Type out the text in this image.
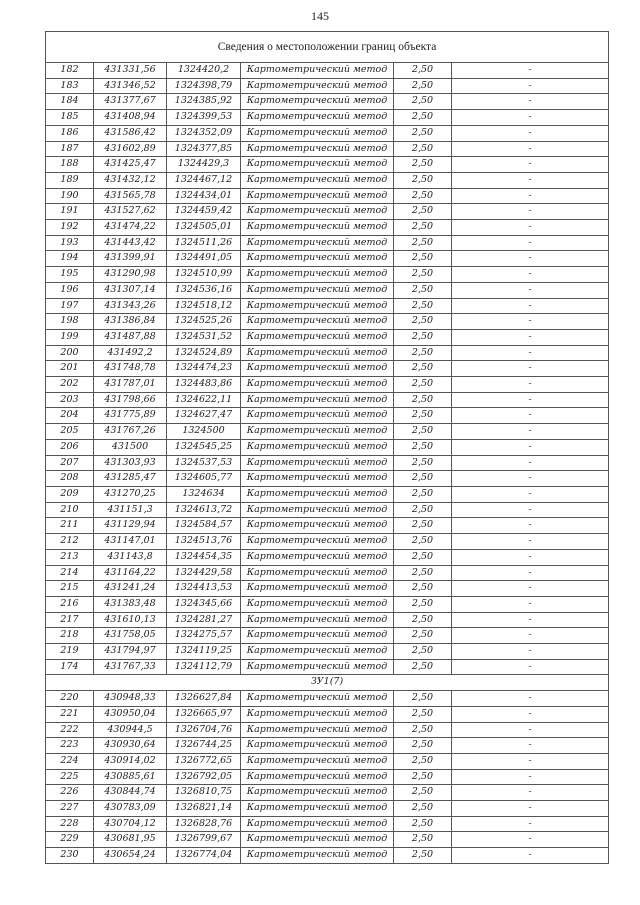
145
Сведения о местоположении границ объекта					
182	431331,56	1324420,2	Картометрический метод	2,50	-
183	431346,52	1324398,79	Картометрический метод	2,50	-
184	431377,67	1324385,92	Картометрический метод	2,50	-
185	431408,94	1324399,53	Картометрический метод	2,50	-
186	431586,42	1324352,09	Картометрический метод	2,50	-
187	431602,89	1324377,85	Картометрический метод	2,50	-
188	431425,47	1324429,3	Картометрический метод	2,50	-
189	431432,12	1324467,12	Картометрический метод	2,50	-
190	431565,78	1324434,01	Картометрический метод	2,50	-
191	431527,62	1324459,42	Картометрический метод	2,50	-
192	431474,22	1324505,01	Картометрический метод	2,50	-
193	431443,42	1324511,26	Картометрический метод	2,50	-
194	431399,91	1324491,05	Картометрический метод	2,50	-
195	431290,98	1324510,99	Картометрический метод	2,50	-
196	431307,14	1324536,16	Картометрический метод	2,50	-
197	431343,26	1324518,12	Картометрический метод	2,50	-
198	431386,84	1324525,26	Картометрический метод	2,50	-
199	431487,88	1324531,52	Картометрический метод	2,50	-
200	431492,2	1324524,89	Картометрический метод	2,50	-
201	431748,78	1324474,23	Картометрический метод	2,50	-
202	431787,01	1324483,86	Картометрический метод	2,50	-
203	431798,66	1324622,11	Картометрический метод	2,50	-
204	431775,89	1324627,47	Картометрический метод	2,50	-
205	431767,26	1324500	Картометрический метод	2,50	-
206	431500	1324545,25	Картометрический метод	2,50	-
207	431303,93	1324537,53	Картометрический метод	2,50	-
208	431285,47	1324605,77	Картометрический метод	2,50	-
209	431270,25	1324634	Картометрический метод	2,50	-
210	431151,3	1324613,72	Картометрический метод	2,50	-
211	431129,94	1324584,57	Картометрический метод	2,50	-
212	431147,01	1324513,76	Картометрический метод	2,50	-
213	431143,8	1324454,35	Картометрический метод	2,50	-
214	431164,22	1324429,58	Картометрический метод	2,50	-
215	431241,24	1324413,53	Картометрический метод	2,50	-
216	431383,48	1324345,66	Картометрический метод	2,50	-
217	431610,13	1324281,27	Картометрический метод	2,50	-
218	431758,05	1324275,57	Картометрический метод	2,50	-
219	431794,97	1324119,25	Картометрический метод	2,50	-
174	431767,33	1324112,79	Картометрический метод	2,50	-
ЗУ1(7)					
220	430948,33	1326627,84	Картометрический метод	2,50	-
221	430950,04	1326665,97	Картометрический метод	2,50	-
222	430944,5	1326704,76	Картометрический метод	2,50	-
223	430930,64	1326744,25	Картометрический метод	2,50	-
224	430914,02	1326772,65	Картометрический метод	2,50	-
225	430885,61	1326792,05	Картометрический метод	2,50	-
226	430844,74	1326810,75	Картометрический метод	2,50	-
227	430783,09	1326821,14	Картометрический метод	2,50	-
228	430704,12	1326828,76	Картометрический метод	2,50	-
229	430681,95	1326799,67	Картометрический метод	2,50	-
230	430654,24	1326774,04	Картометрический метод	2,50	-
